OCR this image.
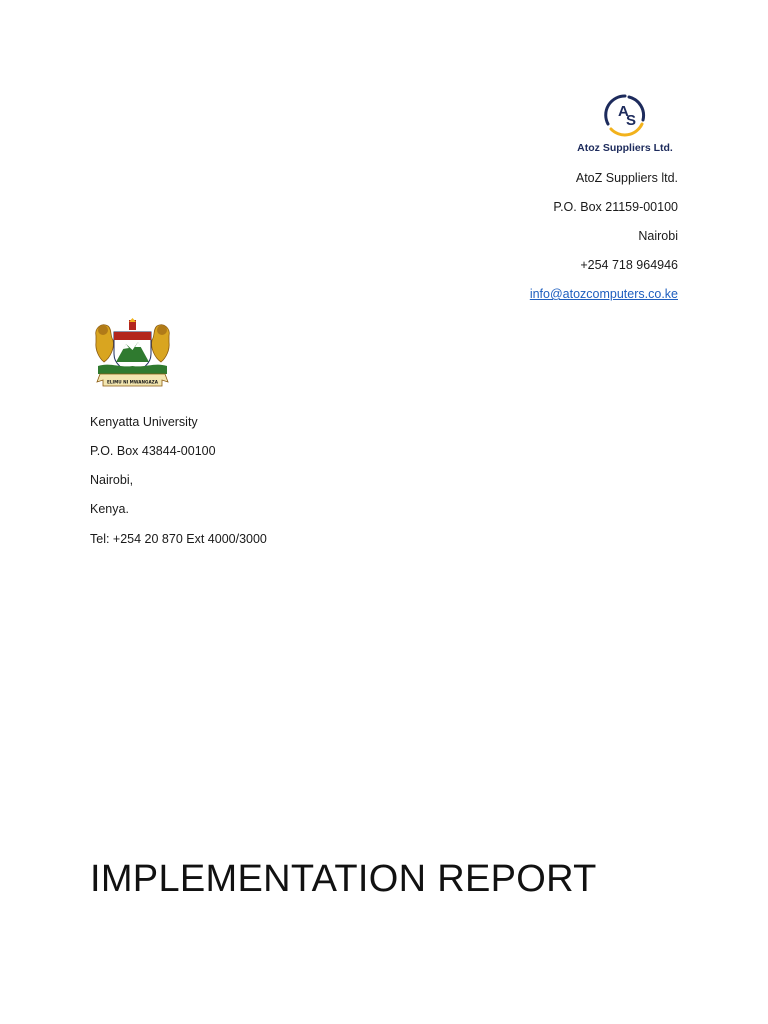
A
S
Atoz Suppliers Ltd.
AtoZ Suppliers ltd.
P.O. Box 21159-00100
Nairobi
+254 718 964946
info@atozcomputers.co.ke
ELIMU NI MWANGAZA
Kenyatta University
P.O. Box 43844-00100
Nairobi,
Kenya.
Tel: +254 20 870 Ext 4000/3000
IMPLEMENTATION REPORT
